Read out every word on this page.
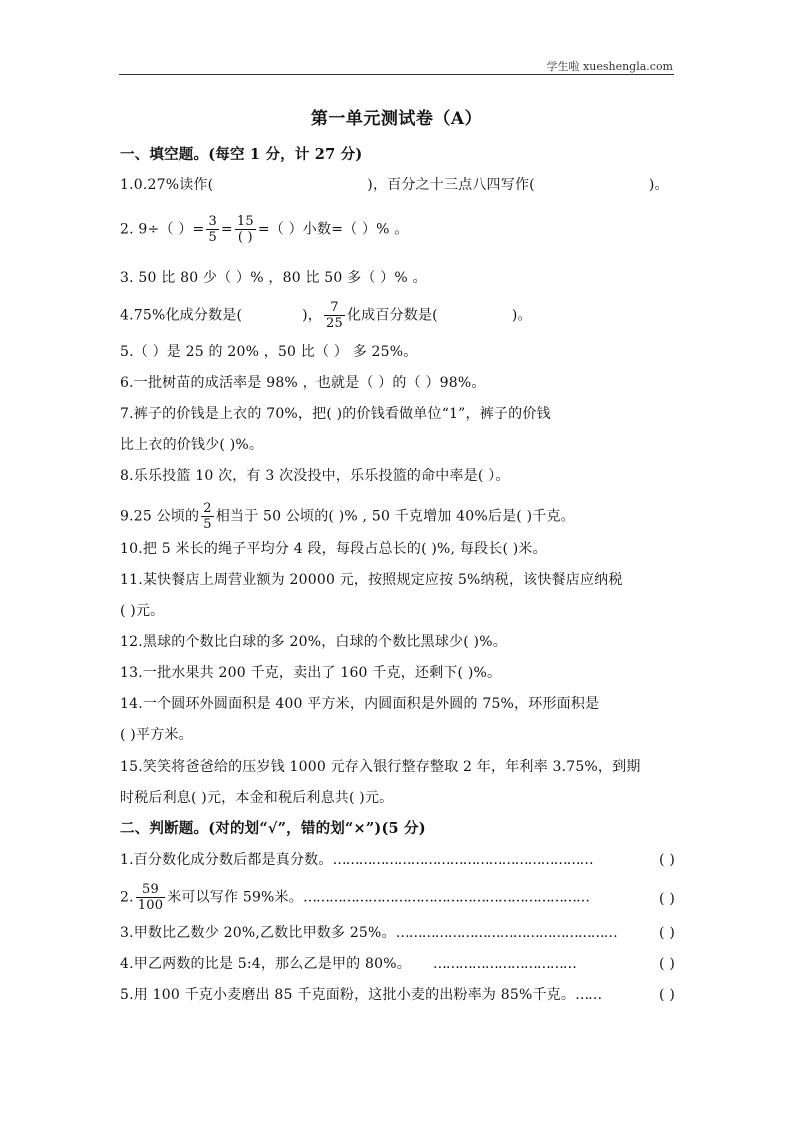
学生啦 xueshengla.com
第一单元测试卷（A）
一、填空题。(每空 1 分，计 27 分)
1.0.27%读作(	)，百分之十三点八四写作(	)。
2. 9÷（ ）= $\frac{3}{5} = \frac{15}{( )}$ =（ ）小数=（ ）% 。
3. 50 比 80 少（ ）% ，80 比 50 多（ ）% 。
4.75%化成分数是(	)， $\frac{7}{25}$ 化成百分数是(	)。
5.（ ）是 25 的 20% ，50 比（ ） 多 25%。
6.一批树苗的成活率是 98% ，也就是（ ）的（ ）98%。
7.裤子的价钱是上衣的 70%，把( )的价钱看做单位“1”，裤子的价钱
比上衣的价钱少( )%。
8.乐乐投篮 10 次，有 3 次没投中，乐乐投篮的命中率是( ）。
9.25 公顷的 $\frac{2}{5}$ 相当于 50 公顷的( )% , 50 千克增加 40%后是( )千克。
10.把 5 米长的绳子平均分 4 段，每段占总长的( )%, 每段长( )米。
11.某快餐店上周营业额为 20000 元，按照规定应按 5%纳税，该快餐店应纳税
( )元。
12.黑球的个数比白球的多 20%，白球的个数比黑球少( )%。
13.一批水果共 200 千克，卖出了 160 千克，还剩下( )%。
14.一个圆环外圆面积是 400 平方米，内圆面积是外圆的 75%，环形面积是
( )平方米。
15.笑笑将爸爸给的压岁钱 1000 元存入银行整存整取 2 年，年利率 3.75%，到期
时税后利息( )元，本金和税后利息共( )元。
二、判断题。(对的划“√”，错的划“×”)(5 分)
1.百分数化成分数后都是真分数。……………………………………………………	( )
2. $\frac{59}{100}$ 米可以写作 59%米。…………………………………………………………	( )
3.甲数比乙数少 20%,乙数比甲数多 25%。……………………………………………	( )
4.甲乙两数的比是 5:4，那么乙是甲的 80%。 ……………………………	( )
5.用 100 千克小麦磨出 85 千克面粉，这批小麦的出粉率为 85%千克。……	( )
